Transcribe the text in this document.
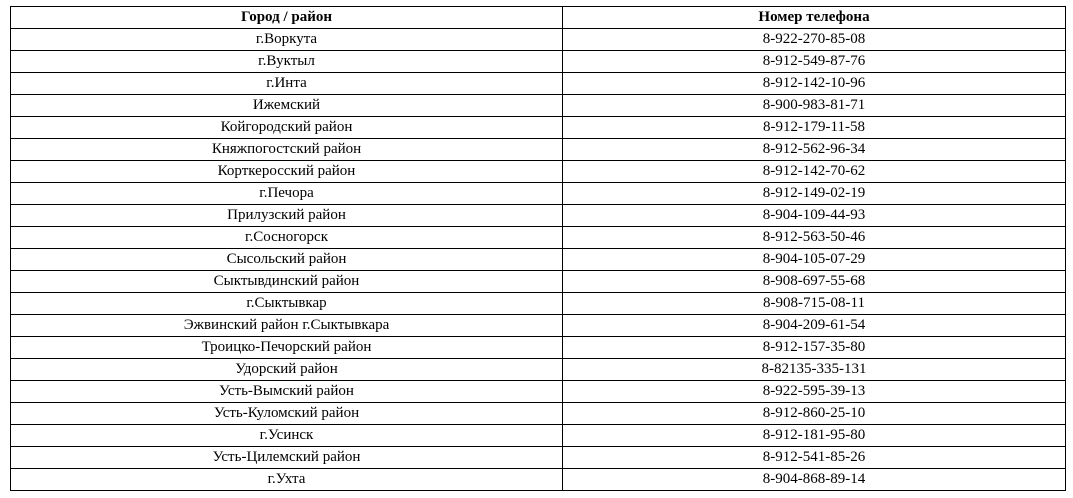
Город / район	Номер телефона
г.Воркута	8-922-270-85-08
г.Вуктыл	8-912-549-87-76
г.Инта	8-912-142-10-96
Ижемский	8-900-983-81-71
Койгородский район	8-912-179-11-58
Княжпогостский район	8-912-562-96-34
Корткеросский район	8-912-142-70-62
г.Печора	8-912-149-02-19
Прилузский район	8-904-109-44-93
г.Сосногорск	8-912-563-50-46
Сысольский район	8-904-105-07-29
Сыктывдинский район	8-908-697-55-68
г.Сыктывкар	8-908-715-08-11
Эжвинский район г.Сыктывкара	8-904-209-61-54
Троицко-Печорский район	8-912-157-35-80
Удорский район	8-82135-335-131
Усть-Вымский район	8-922-595-39-13
Усть-Куломский район	8-912-860-25-10
г.Усинск	8-912-181-95-80
Усть-Цилемский район	8-912-541-85-26
г.Ухта	8-904-868-89-14
